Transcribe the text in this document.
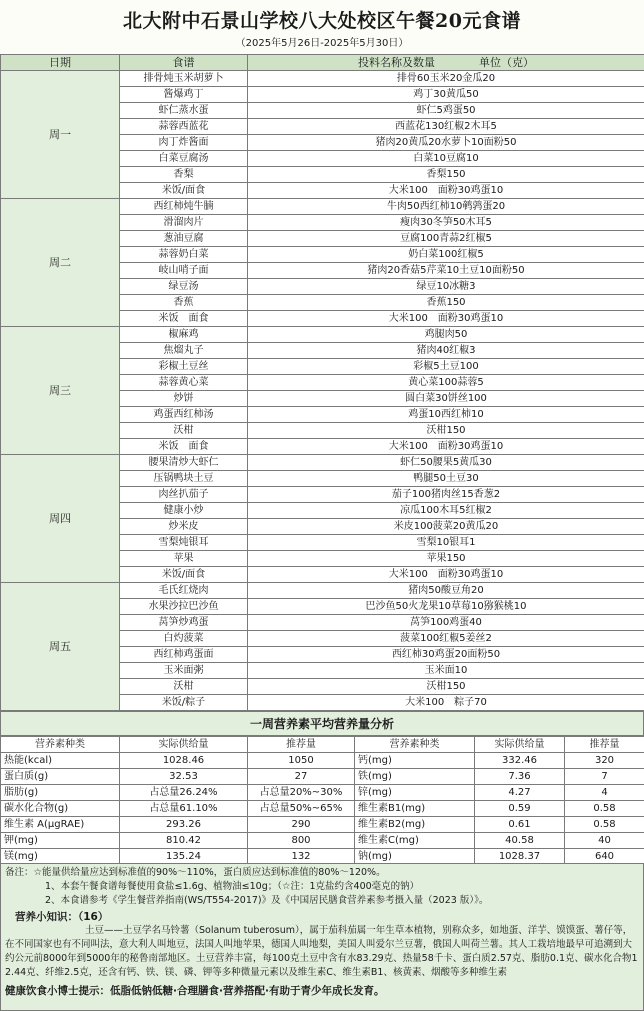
北大附中石景山学校八大处校区午餐20元食谱
（2025年5月26日-2025年5月30日）
日期	食谱	投料名称及数量　　　　单位（克）
周一	排骨炖玉米胡萝卜	排骨60玉米20金瓜20
	酱爆鸡丁	鸡丁30黄瓜50
	虾仁蒸水蛋	虾仁5鸡蛋50
	蒜蓉西蓝花	西蓝花130红椒2木耳5
	肉丁炸酱面	猪肉20黄瓜20水萝卜10面粉50
	白菜豆腐汤	白菜10豆腐10
	香梨	香梨150
	米饭/面食	大米100　面粉30鸡蛋10
周二	西红柿炖牛腩	牛肉50西红柿10鹌鹑蛋20
	滑溜肉片	瘦肉30冬笋50木耳5
	葱油豆腐	豆腐100青蒜2红椒5
	蒜蓉奶白菜	奶白菜100红椒5
	岐山哨子面	猪肉20香菇5芹菜10土豆10面粉50
	绿豆汤	绿豆10冰糖3
	香蕉	香蕉150
	米饭　面食	大米100　面粉30鸡蛋10
周三	椒麻鸡	鸡腿肉50
	焦熘丸子	猪肉40红椒3
	彩椒土豆丝	彩椒5土豆100
	蒜蓉黄心菜	黄心菜100蒜蓉5
	炒饼	圆白菜30饼丝100
	鸡蛋西红柿汤	鸡蛋10西红柿10
	沃柑	沃柑150
	米饭　面食	大米100　面粉30鸡蛋10
周四	腰果清炒大虾仁	虾仁50腰果5黄瓜30
	压锅鸭块土豆	鸭腿50土豆30
	肉丝扒茄子	茄子100猪肉丝15香葱2
	健康小炒	凉瓜100木耳5红椒2
	炒米皮	米皮100菠菜20黄瓜20
	雪梨炖银耳	雪梨10银耳1
	苹果	苹果150
	米饭/面食	大米100　面粉30鸡蛋10
周五	毛氏红烧肉	猪肉50酸豆角20
	水果沙拉巴沙鱼	巴沙鱼50火龙果10草莓10猕猴桃10
	莴笋炒鸡蛋	莴笋100鸡蛋40
	白灼菠菜	菠菜100红椒5姜丝2
	西红柿鸡蛋面	西红柿30鸡蛋20面粉50
	玉米面粥	玉米面10
	沃柑	沃柑150
	米饭/粽子	大米100　粽子70
一周营养素平均营养量分析
营养素种类	实际供给量	推荐量	营养素种类	实际供给量	推荐量
热能(kcal)	1028.46	1050	钙(mg)	332.46	320
蛋白质(g)	32.53	27	铁(mg)	7.36	7
脂肪(g)	占总量26.24%	占总量20%~30%	锌(mg)	4.27	4
碳水化合物(g)	占总量61.10%	占总量50%~65%	维生素B1(mg)	0.59	0.58
维生素 A(μgRAE)	293.26	290	维生素B2(mg)	0.61	0.58
钾(mg)	810.42	800	维生素C(mg)	40.58	40
镁(mg)	135.24	132	钠(mg)	1028.37	640
备注：☆能量供给量应达到标准值的90%～110%，蛋白质应达到标准值的80%～120%。
1、本套午餐食谱每餐使用食盐≤1.6g、植物油≤10g；（☆注：1克盐约含400毫克的钠）
2、本食谱参考《学生餐营养指南(WS/T554-2017)》及《中国居民膳食营养素参考摄入量（2023 版）》。
营养小知识：（16）
土豆——土豆学名马铃薯（Solanum tuberosum），属于茄科茄属一年生草本植物，别称众多，如地蛋、洋芋、馍馍蛋、薯仔等，在不同国家也有不同叫法，意大利人叫地豆，法国人叫地苹果，德国人叫地梨，美国人叫爱尔兰豆薯，俄国人叫荷兰薯。其人工栽培地最早可追溯到大约公元前8000年到5000年的秘鲁南部地区。土豆营养丰富，每100克土豆中含有水83.29克、热量58千卡、蛋白质2.57克、脂肪0.1克、碳水化合物12.44克、纤维2.5克，还含有钙、铁、镁、磷、钾等多种微量元素以及维生素C、维生素B1、核黄素、烟酸等多种维生素
健康饮食小博士提示：低脂低钠低糖·合理膳食·营养搭配·有助于青少年成长发育。
